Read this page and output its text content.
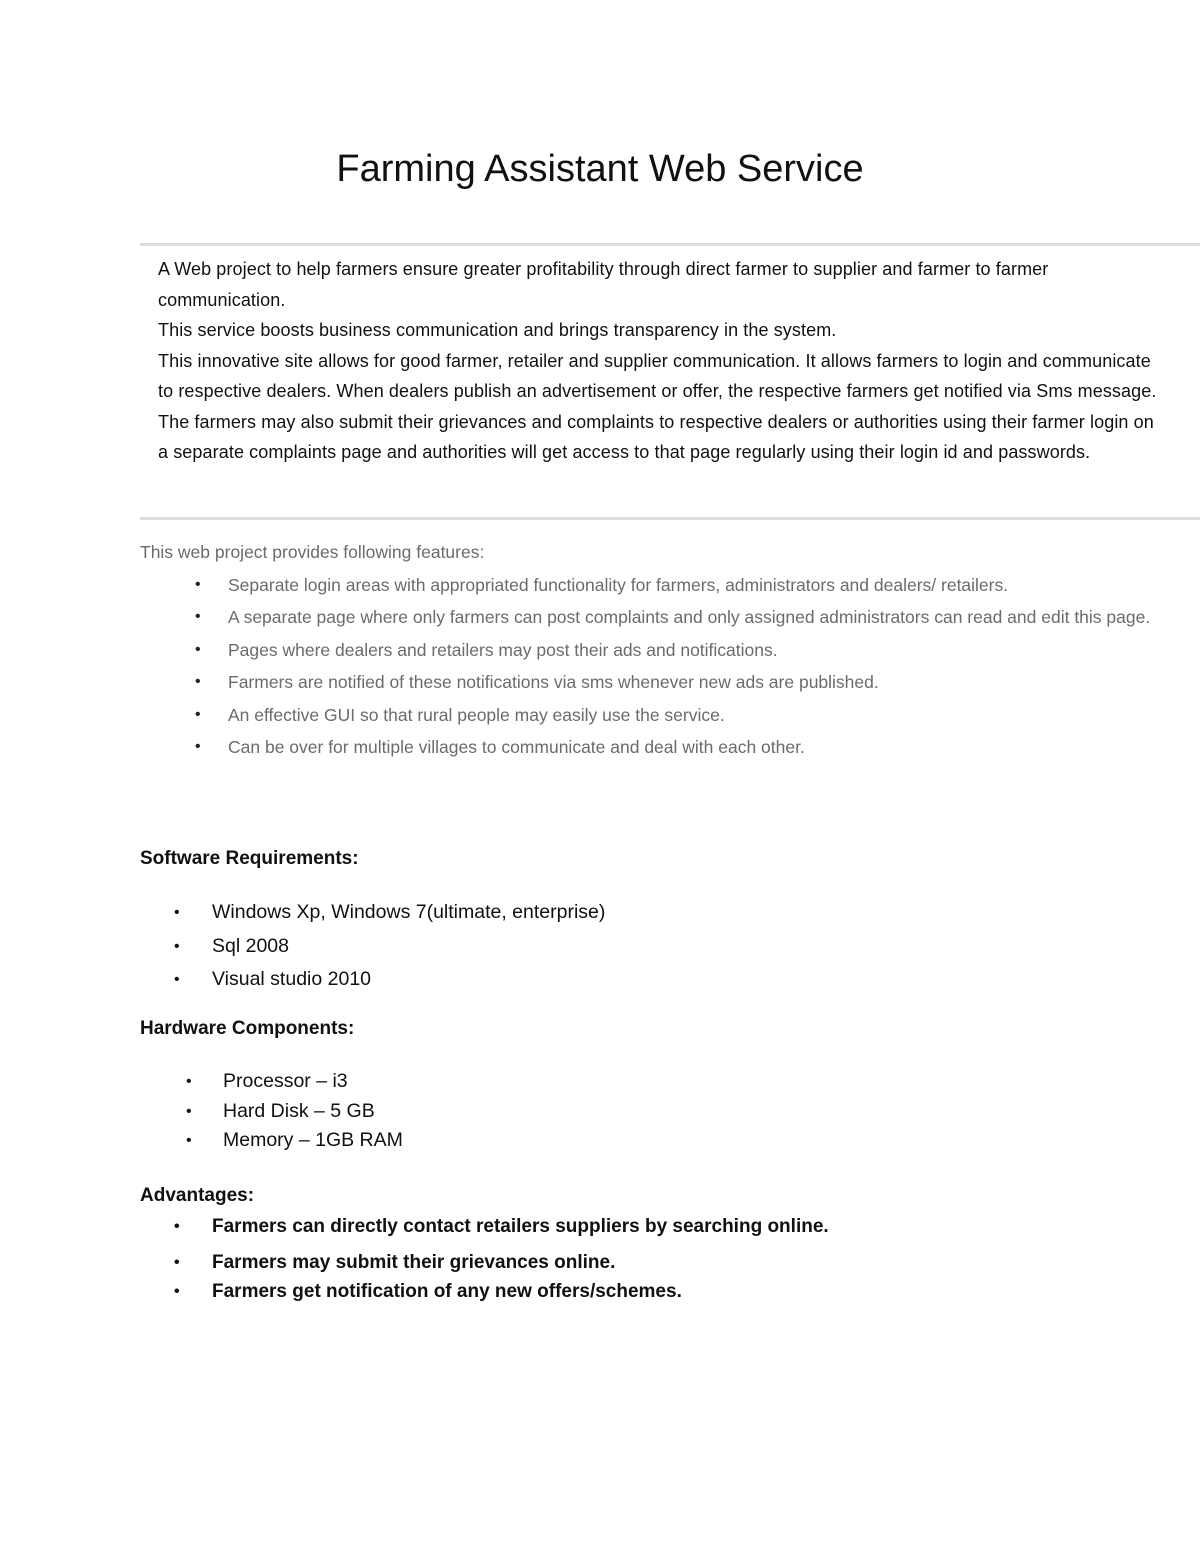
Farming Assistant Web Service

A Web project to help farmers ensure greater profitability through direct farmer to supplier and farmer to farmer communication.

This service boosts business communication and brings transparency in the system.

This innovative site allows for good farmer, retailer and supplier communication. It allows farmers to login and communicate to respective dealers. When dealers publish an advertisement or offer, the respective farmers get notified via Sms message. The farmers may also submit their grievances and complaints to respective dealers or authorities using their farmer login on a separate complaints page and authorities will get access to that page regularly using their login id and passwords.

This web project provides following features:

• Separate login areas with appropriated functionality for farmers, administrators and dealers/ retailers.
• A separate page where only farmers can post complaints and only assigned administrators can read and edit this page.
• Pages where dealers and retailers may post their ads and notifications.
• Farmers are notified of these notifications via sms whenever new ads are published.
• An effective GUI so that rural people may easily use the service.
• Can be over for multiple villages to communicate and deal with each other.
Software Requirements:
• Windows Xp, Windows 7(ultimate, enterprise)
• Sql 2008
• Visual studio 2010
Hardware Components:
• Processor – i3
• Hard Disk – 5 GB
• Memory – 1GB RAM
Advantages:
• Farmers can directly contact retailers suppliers by searching online.
• Farmers may submit their grievances online.
• Farmers get notification of any new offers/schemes.
